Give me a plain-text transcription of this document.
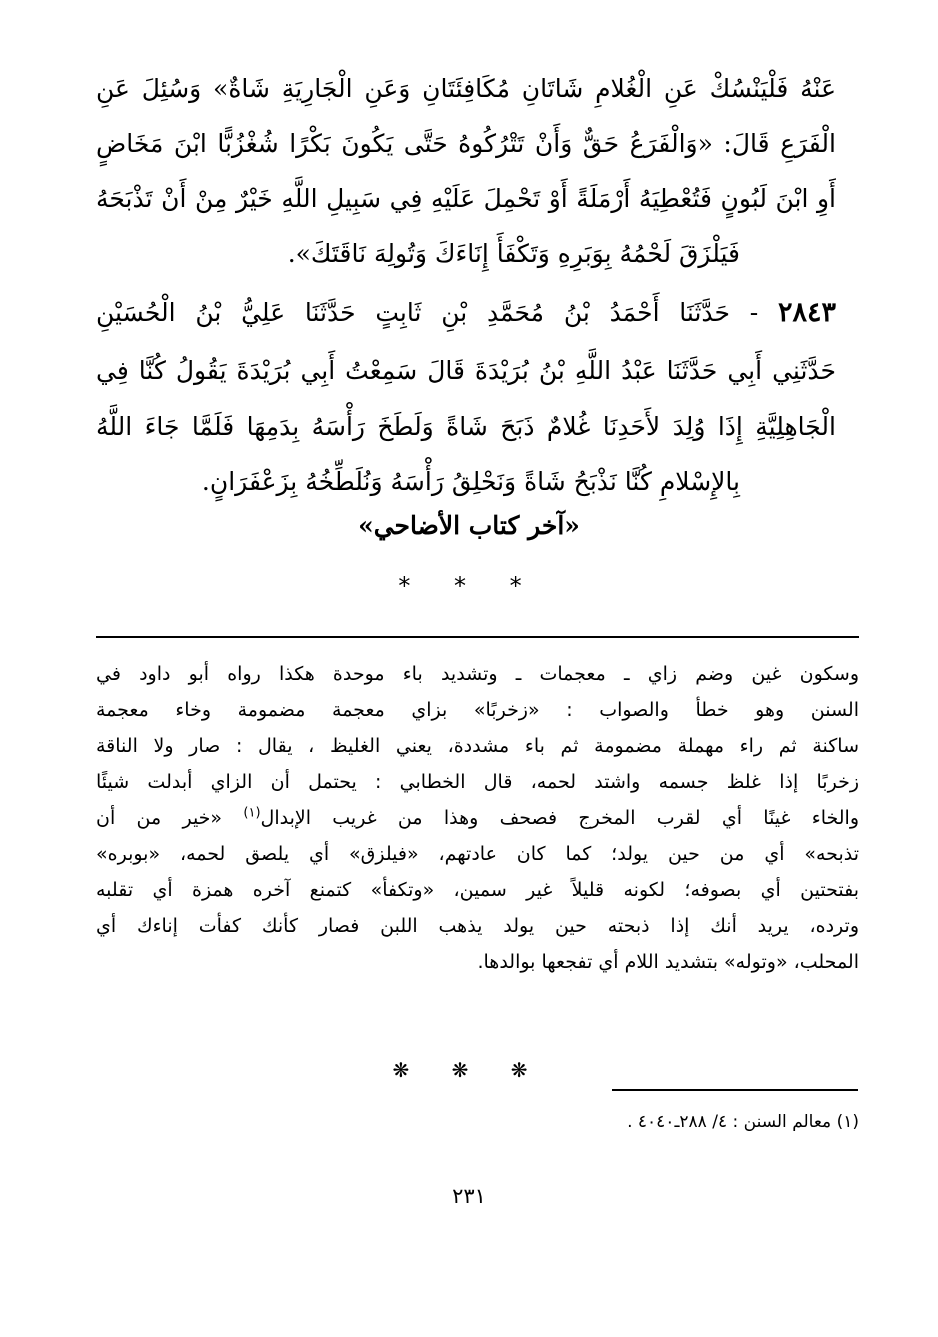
عَنْهُ فَلْيَنْسُكْ عَنِ الْغُلامِ شَاتَانِ مُكَافِئَتَانِ وَعَنِ الْجَارِيَةِ شَاةٌ» وَسُئِلَ عَنِ
الْفَرَعِ قَالَ: «وَالْفَرَعُ حَقٌّ وَأَنْ تَتْرُكُوهُ حَتَّى يَكُونَ بَكْرًا شُغْزُبًّا ابْنَ مَخَاضٍ
أَوِ ابْنَ لَبُونٍ فَتُعْطِيَهُ أَرْمَلَةً أَوْ تَحْمِلَ عَلَيْهِ فِي سَبِيلِ اللَّهِ خَيْرٌ مِنْ أَنْ تَذْبَحَهُ
فَيَلْزَقَ لَحْمُهُ بِوَبَرِهِ وَتَكْفَأَ إِنَاءَكَ وَتُولِهَ نَاقَتَكَ».
٢٨٤٣ - حَدَّثَنَا أَحْمَدُ بْنُ مُحَمَّدِ بْنِ ثَابِتٍ حَدَّثَنَا عَلِيُّ بْنُ الْحُسَيْنِ
حَدَّثَنِي أَبِي حَدَّثَنَا عَبْدُ اللَّهِ بْنُ بُرَيْدَةَ قَالَ سَمِعْتُ أَبِي بُرَيْدَةَ يَقُولُ كُنَّا فِي
الْجَاهِلِيَّةِ إِذَا وُلِدَ لأَحَدِنَا غُلامٌ ذَبَحَ شَاةً وَلَطَخَ رَأْسَهُ بِدَمِهَا فَلَمَّا جَاءَ اللَّهُ
بِالإِسْلامِ كُنَّا نَذْبَحُ شَاةً وَنَحْلِقُ رَأْسَهُ وَنُلَطِّخُهُ بِزَعْفَرَانٍ.
«آخر كتاب الأضاحي»
* * *
وسكون غين وضم زاي ـ معجمات ـ وتشديد باء موحدة هكذا رواه أبو داود في
السنن وهو خطأ والصواب : «زخربًا» بزاي معجمة مضمومة وخاء معجمة
ساكنة ثم راء مهملة مضمومة ثم باء مشددة، يعني الغليظ ، يقال : صار ولا الناقة
زخربًا إذا غلظ جسمه واشتد لحمه، قال الخطابي : يحتمل أن الزاي أبدلت شيئًا
والخاء غينًا أي لقرب المخرج فصحف وهذا من غريب الإبدال$^{(١)}$ «خير من أن
تذبحه» أي من حين يولد؛ كما كان عادتهم، «فيلزق» أي يلصق لحمه، «بوبره»
بفتحتين أي بصوفه؛ لكونه قليلاً غير سمين، «وتكفأ» كتمنع آخره همزة أي تقلبه
وترده، يريد أنك إذا ذبحته حين يولد يذهب اللبن فصار كأنك كفأت إناءك أي
المحلب، «وتوله» بتشديد اللام أي تفجعها بوالدها.
❋ ❋ ❋
(١) معالم السنن : ٤/ ٢٨٨ـ٤٠٤٠ .
٢٣١
